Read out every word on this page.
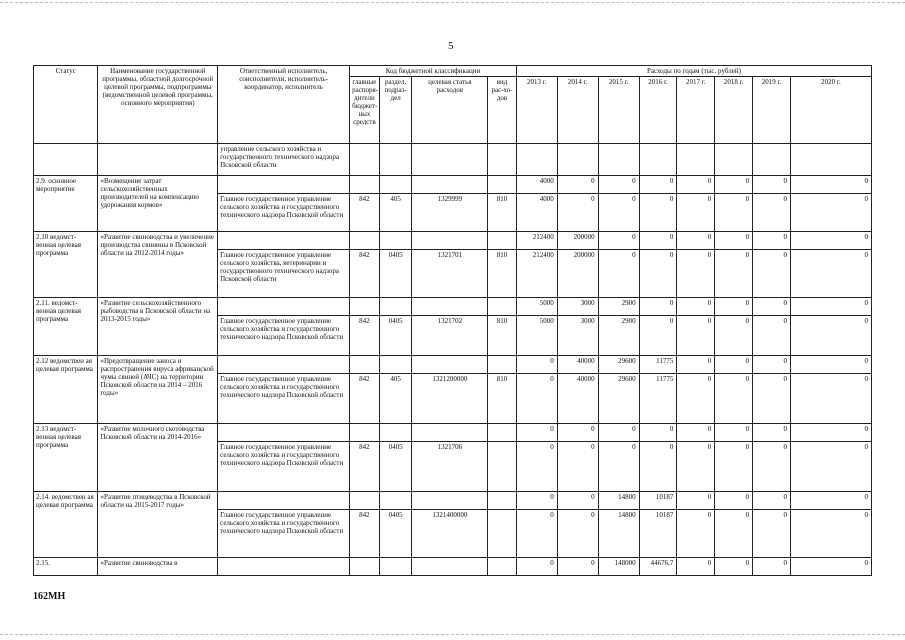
5
Статус	Наименование государственной программы, областной долгосрочной целевой программы, подпрограммы (ведомственной целевой программы, основного мероприятия)	Ответственный исполнитель, соисполнители, исполнитель-координатор, исполнитель	Код бюджетной классификации				Расходы по годам (тыс. рублей)							
			главные распоря-дители бюджет-ных средств	раздел, подраз-дел	целевая статья расходов	вид рас-хо-дов	2013 г.	2014 г.	2015 г.	2016 г.	2017 г.	2018 г.	2019 г.	2020 г.
		управление сельского хозяйства и государственного технического надзора Псковской области												
2.9. основное мероприятие	«Возмещение затрат сельскохозяйственных производителей на компенсацию удорожания кормов»						4000	0	0	0	0	0	0	0
		Главное государственное управление сельского хозяйства и государственного технического надзора Псковской области	842	405	1329999	810	4000	0	0	0	0	0	0	0
2.10 ведомст-венная целевая программа	«Развитие свиноводства и увеличение производства свинины в Псковской области на 2012-2014 годы»						212400	200000	0	0	0	0	0	0
		Главное государственное управление сельского хозяйства, ветеринарии и государственного технического надзора Псковской области	842	0405	1321701	810	212400	200000	0	0	0	0	0	0
2.11. ведомст-венная целевая программа	«Развитие сельскохозяйственного рыбоводства в Псковской области на 2013-2015 годы»						5000	3000	2900	0	0	0	0	0
		Главное государственное управление сельского хозяйства и государственного технического надзора Псковской области	842	0405	1321702	810	5000	3000	2900	0	0	0	0	0
2.12 ведомствен ая целевая программа	«Предотвращение заноса и распространения вируса африканской чумы свиней (АЧС) на территории Псковской области на 2014 – 2016 годы»						0	40000	29600	11775	0	0	0	0
		Главное государственное управление сельского хозяйства и государственного технического надзора Псковской области	842	405	1321200000	810	0	40000	29600	11775	0	0	0	0
2.13 ведомст-венная целевая программа	«Развитие молочного скотоводства Псковской области на 2014-2016»						0	0	0	0	0	0	0	0
		Главное государственное управление сельского хозяйства и государственного технического надзора Псковской области	842	0405	1321706		0	0	0	0	0	0	0	0
2.14. ведомствен ая целевая программа	«Развитие птицеводства в Псковской области на 2015-2017 годы»						0	0	14800	10187	0	0	0	0
		Главное государственное управление сельского хозяйства и государственного технического надзора Псковской области	842	0405	1321400000		0	0	14800	10187	0	0	0	0
2.15.	«Развитие свиноводства в						0	0	148000	44676,7	0	0	0	0
162МН
